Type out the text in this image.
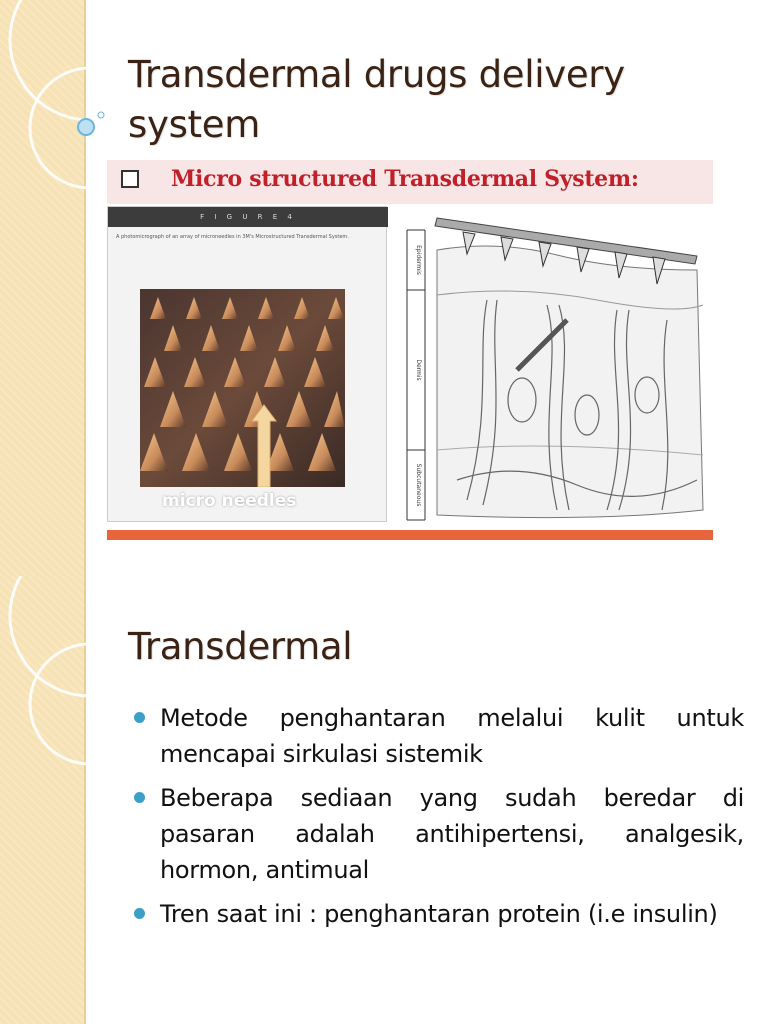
Transdermal drugs delivery system
Micro structured Transdermal System:
F I G U R E 4
A photomicrograph of an array of microneedles in 3M's Microstructured Transdermal System.
micro needles
Epidermis
Dermis
Subcutaneous
Transdermal
Metode penghantaran melalui kulit untuk mencapai sirkulasi sistemik
Beberapa sediaan yang sudah beredar di pasaran adalah antihipertensi, analgesik, hormon, antimual
Tren saat ini : penghantaran protein (i.e insulin)
